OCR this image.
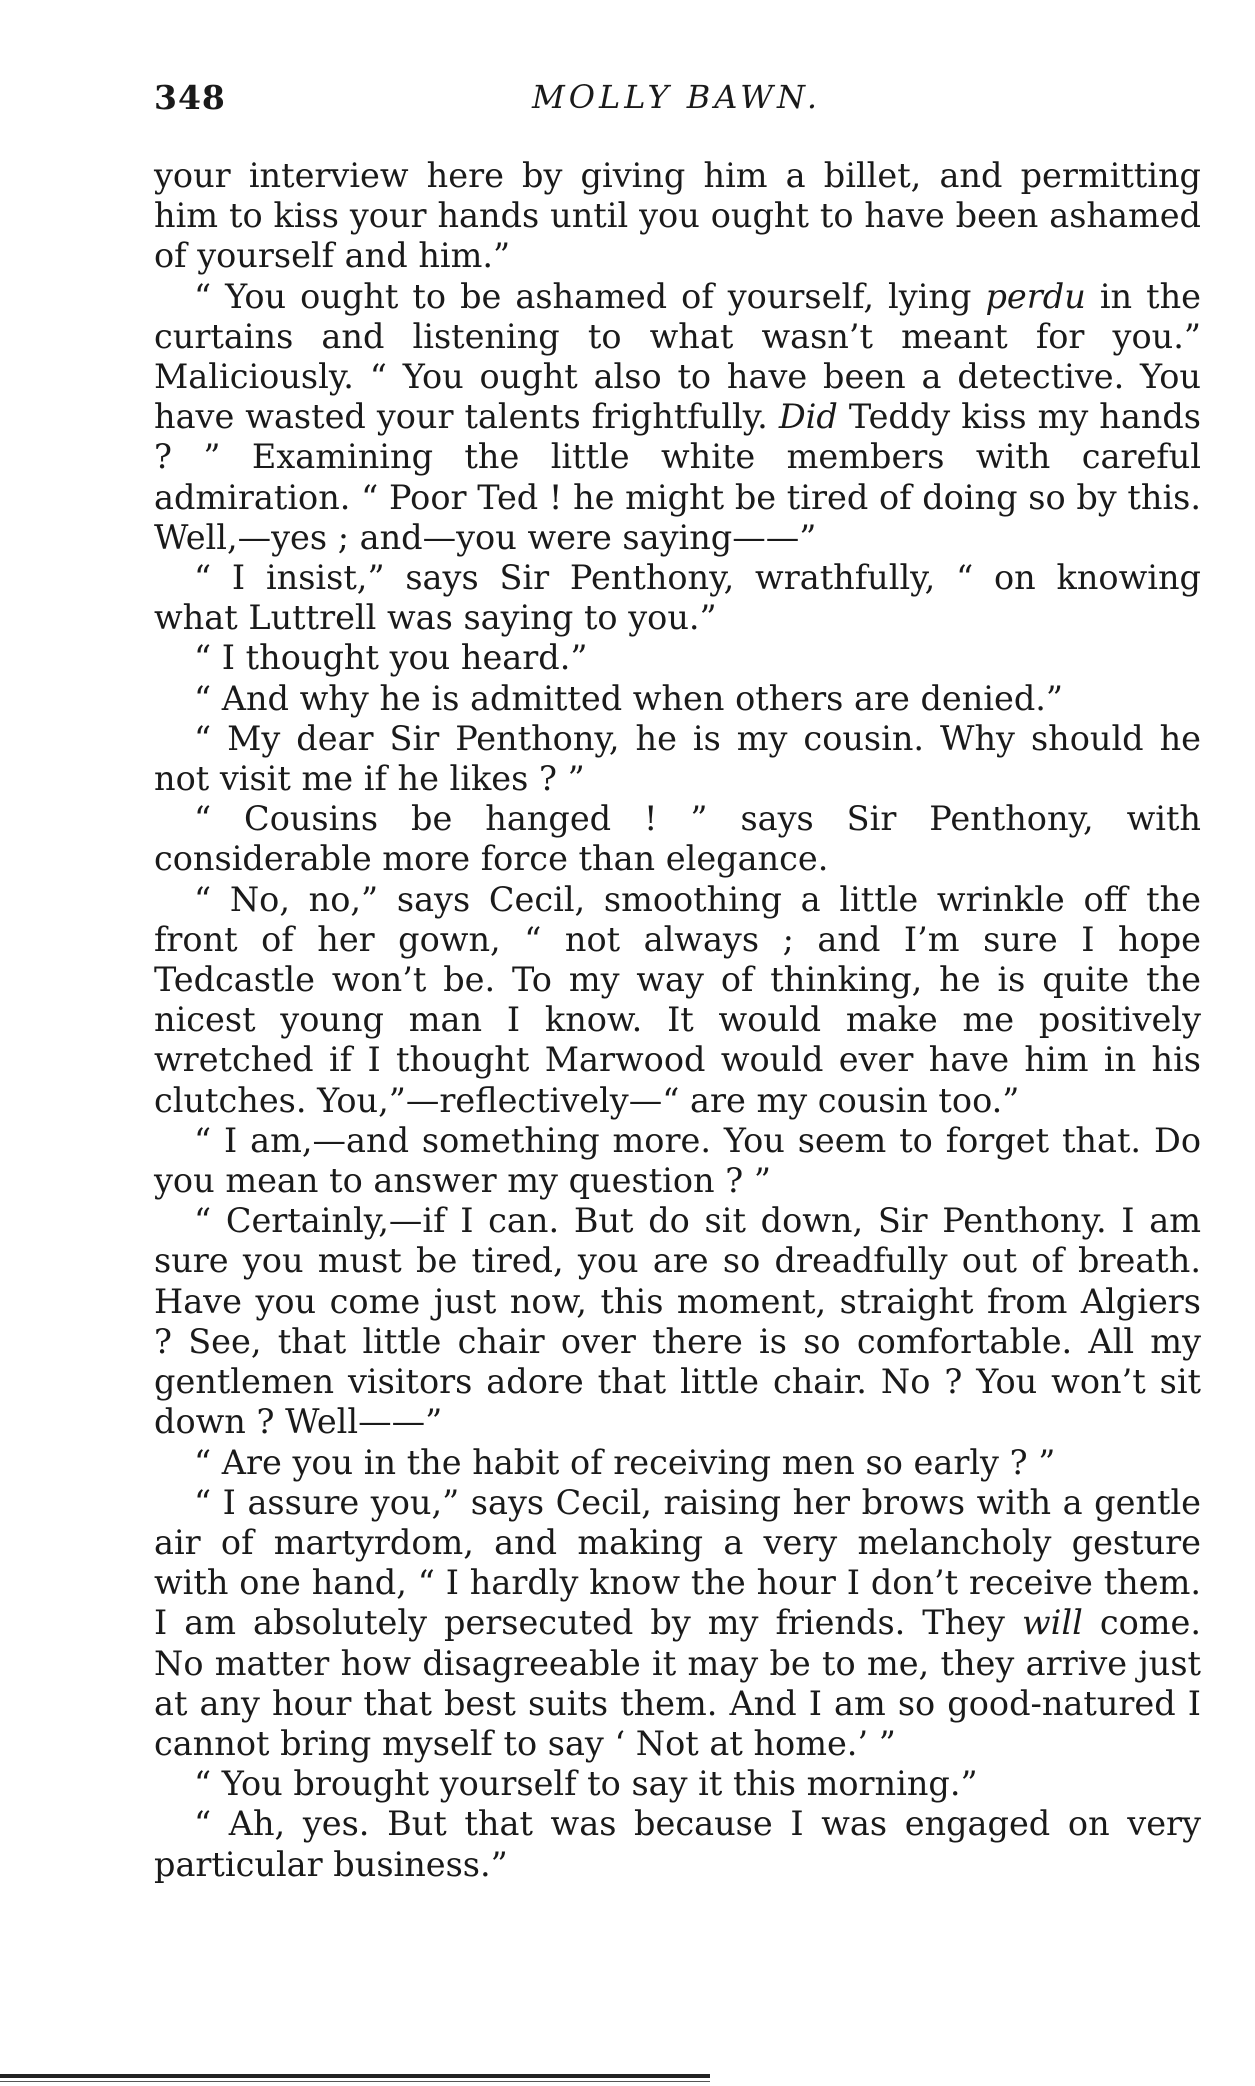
348	MOLLY BAWN.

your interview here by giving him a billet, and permitting him to kiss your hands until you ought to have been ashamed of yourself and him.”

“ You ought to be ashamed of yourself, lying perdu in the curtains and listening to what wasn’t meant for you.” Maliciously. “ You ought also to have been a detective. You have wasted your talents frightfully. Did Teddy kiss my hands ? ” Examining the little white members with careful admiration. “ Poor Ted ! he might be tired of doing so by this. Well,—yes ; and—you were saying——”

“ I insist,” says Sir Penthony, wrathfully, “ on knowing what Luttrell was saying to you.”

“ I thought you heard.”

“ And why he is admitted when others are denied.”

“ My dear Sir Penthony, he is my cousin. Why should he not visit me if he likes ? ”

“ Cousins be hanged ! ” says Sir Penthony, with considerable more force than elegance.

“ No, no,” says Cecil, smoothing a little wrinkle off the front of her gown, “ not always ; and I’m sure I hope Tedcastle won’t be. To my way of thinking, he is quite the nicest young man I know. It would make me positively wretched if I thought Marwood would ever have him in his clutches. You,”—reflectively—“ are my cousin too.”

“ I am,—and something more. You seem to forget that. Do you mean to answer my question ? ”

“ Certainly,—if I can. But do sit down, Sir Penthony. I am sure you must be tired, you are so dreadfully out of breath. Have you come just now, this moment, straight from Algiers ? See, that little chair over there is so comfortable. All my gentlemen visitors adore that little chair. No ? You won’t sit down ? Well——”

“ Are you in the habit of receiving men so early ? ”

“ I assure you,” says Cecil, raising her brows with a gentle air of martyrdom, and making a very melancholy gesture with one hand, “ I hardly know the hour I don’t receive them. I am absolutely persecuted by my friends. They will come. No matter how disagreeable it may be to me, they arrive just at any hour that best suits them. And I am so good-natured I cannot bring myself to say ‘ Not at home.’ ”

“ You brought yourself to say it this morning.”

“ Ah, yes. But that was because I was engaged on very particular business.”
